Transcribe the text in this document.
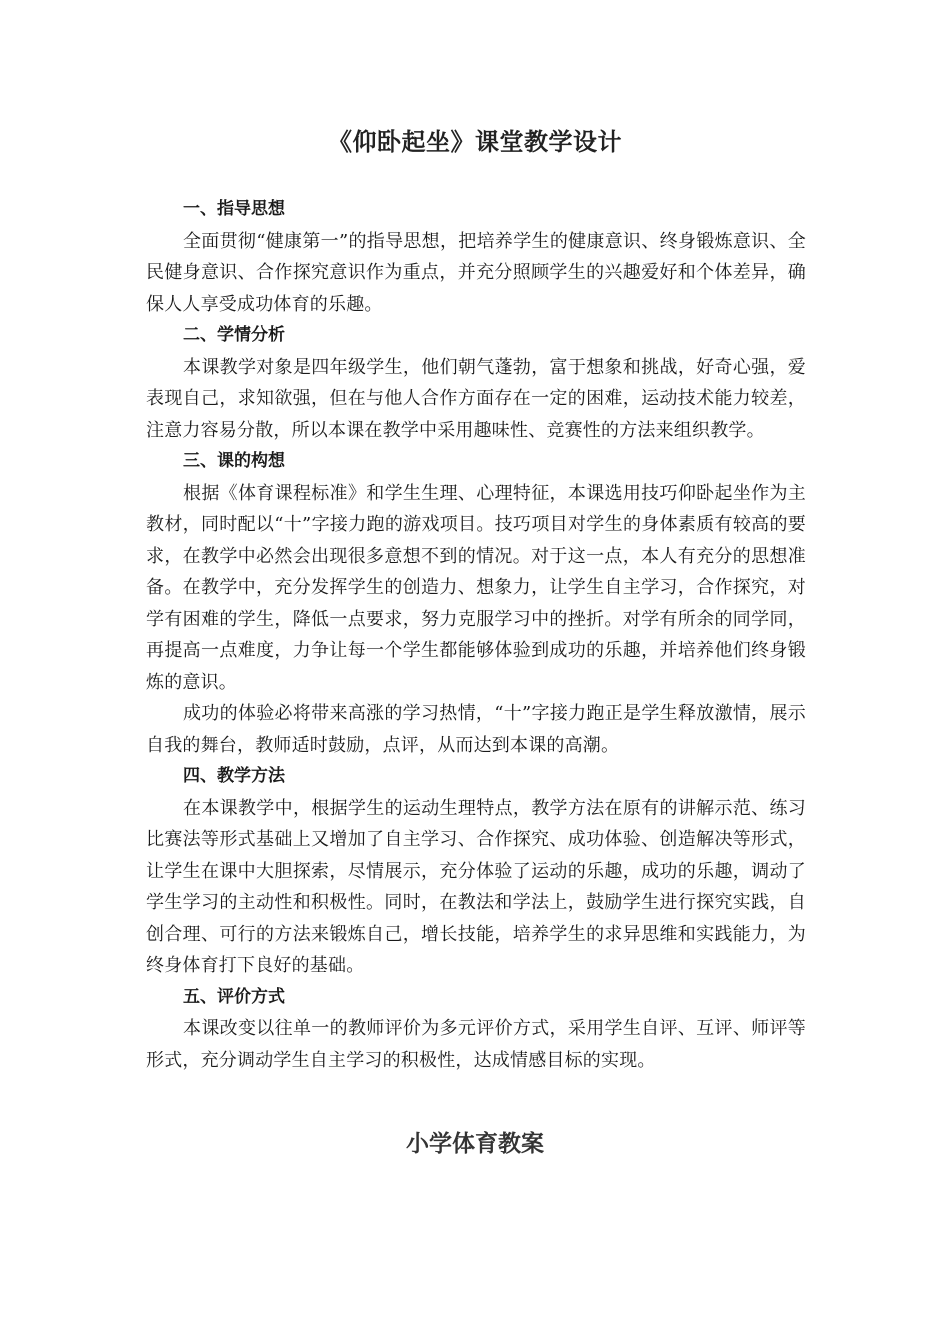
《仰卧起坐》课堂教学设计

一、指导思想

全面贯彻“健康第一”的指导思想，把培养学生的健康意识、终身锻炼意识、全民健身意识、合作探究意识作为重点，并充分照顾学生的兴趣爱好和个体差异，确保人人享受成功体育的乐趣。

二、学情分析

本课教学对象是四年级学生，他们朝气蓬勃，富于想象和挑战，好奇心强，爱表现自己，求知欲强，但在与他人合作方面存在一定的困难，运动技术能力较差，注意力容易分散，所以本课在教学中采用趣味性、竞赛性的方法来组织教学。

三、课的构想

根据《体育课程标准》和学生生理、心理特征，本课选用技巧仰卧起坐作为主教材，同时配以“十”字接力跑的游戏项目。技巧项目对学生的身体素质有较高的要求，在教学中必然会出现很多意想不到的情况。对于这一点，本人有充分的思想准备。在教学中，充分发挥学生的创造力、想象力，让学生自主学习，合作探究，对学有困难的学生，降低一点要求，努力克服学习中的挫折。对学有所余的同学同，再提高一点难度，力争让每一个学生都能够体验到成功的乐趣，并培养他们终身锻炼的意识。

成功的体验必将带来高涨的学习热情，“十”字接力跑正是学生释放激情，展示自我的舞台，教师适时鼓励，点评，从而达到本课的高潮。

四、教学方法

在本课教学中，根据学生的运动生理特点，教学方法在原有的讲解示范、练习比赛法等形式基础上又增加了自主学习、合作探究、成功体验、创造解决等形式，让学生在课中大胆探索，尽情展示，充分体验了运动的乐趣，成功的乐趣，调动了学生学习的主动性和积极性。同时，在教法和学法上，鼓励学生进行探究实践，自创合理、可行的方法来锻炼自己，增长技能，培养学生的求异思维和实践能力，为终身体育打下良好的基础。

五、评价方式

本课改变以往单一的教师评价为多元评价方式，采用学生自评、互评、师评等形式，充分调动学生自主学习的积极性，达成情感目标的实现。

小学体育教案
